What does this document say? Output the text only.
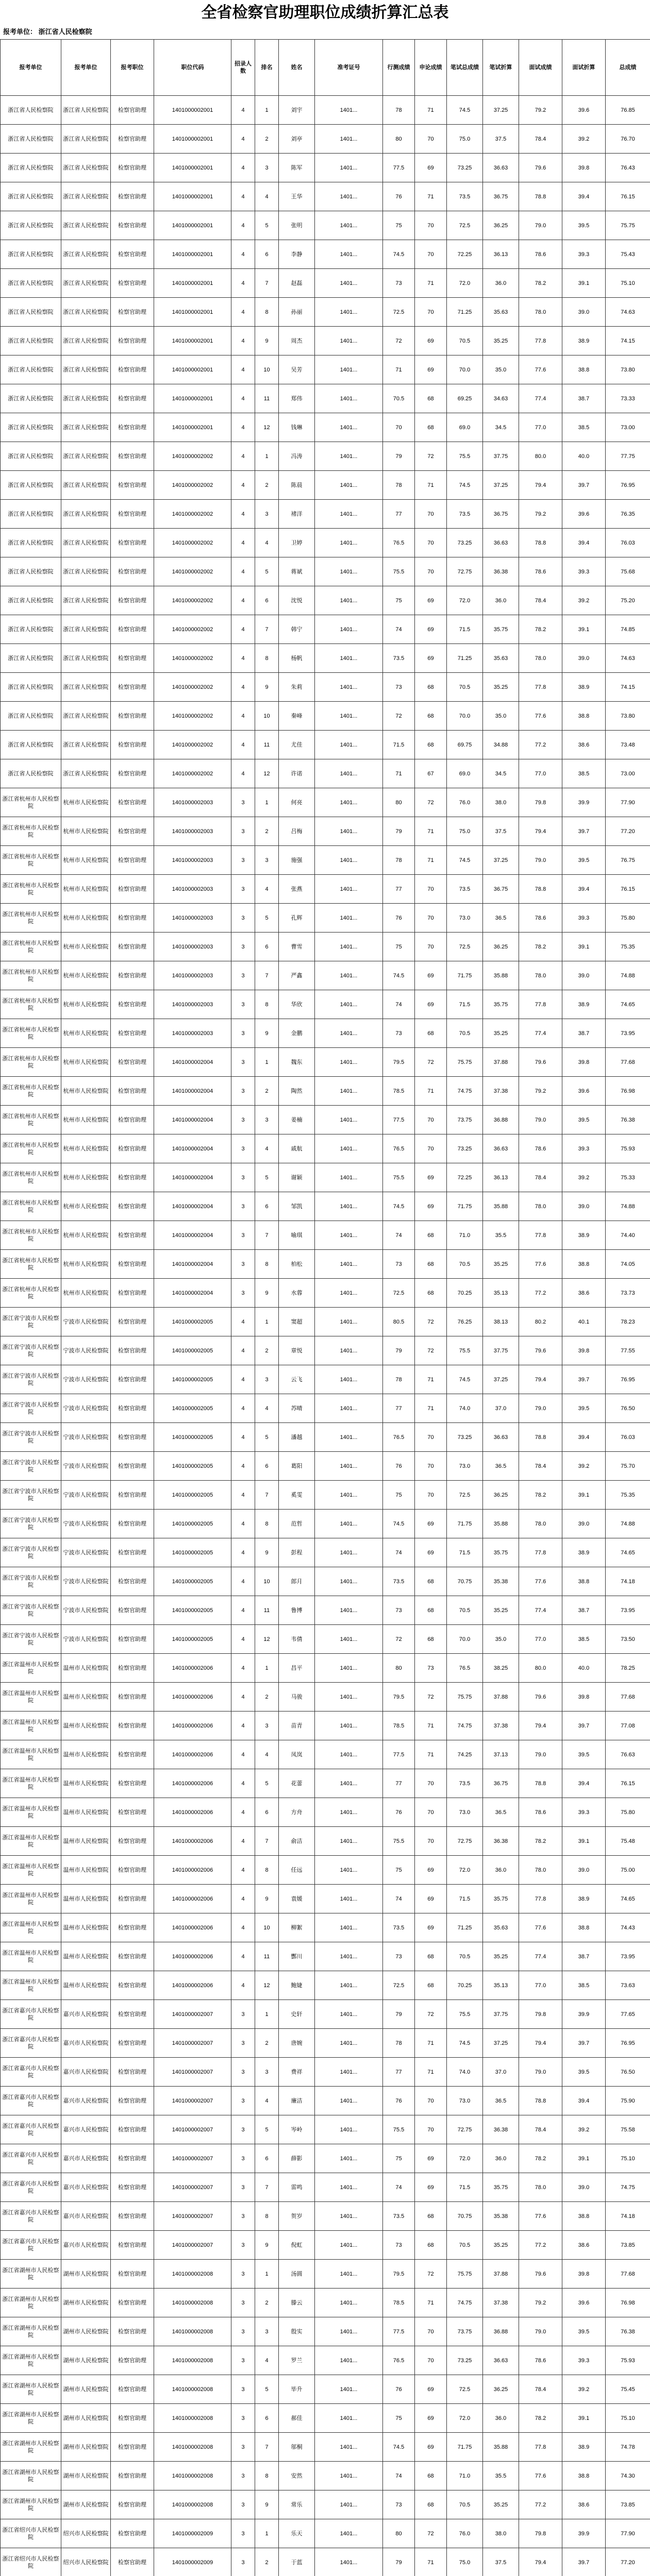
全省检察官助理职位成绩折算汇总表
报考单位： 浙江省人民检察院
报考单位	报考单位	报考职位	职位代码	招录人数	排名	姓名	准考证号	行测成绩	申论成绩	笔试总成绩	笔试折算	面试成绩	面试折算	总成绩
浙江省人民检察院	浙江省人民检察院	检察官助理	1401000002001	4	1	刘宇	1401...	78	71	74.5	37.25	79.2	39.6	76.85
浙江省人民检察院	浙江省人民检察院	检察官助理	1401000002001	4	2	刘亭	1401...	80	70	75.0	37.5	78.4	39.2	76.70
浙江省人民检察院	浙江省人民检察院	检察官助理	1401000002001	4	3	陈军	1401...	77.5	69	73.25	36.63	79.6	39.8	76.43
浙江省人民检察院	浙江省人民检察院	检察官助理	1401000002001	4	4	王华	1401...	76	71	73.5	36.75	78.8	39.4	76.15
浙江省人民检察院	浙江省人民检察院	检察官助理	1401000002001	4	5	张明	1401...	75	70	72.5	36.25	79.0	39.5	75.75
浙江省人民检察院	浙江省人民检察院	检察官助理	1401000002001	4	6	李静	1401...	74.5	70	72.25	36.13	78.6	39.3	75.43
浙江省人民检察院	浙江省人民检察院	检察官助理	1401000002001	4	7	赵磊	1401...	73	71	72.0	36.0	78.2	39.1	75.10
浙江省人民检察院	浙江省人民检察院	检察官助理	1401000002001	4	8	孙丽	1401...	72.5	70	71.25	35.63	78.0	39.0	74.63
浙江省人民检察院	浙江省人民检察院	检察官助理	1401000002001	4	9	周杰	1401...	72	69	70.5	35.25	77.8	38.9	74.15
浙江省人民检察院	浙江省人民检察院	检察官助理	1401000002001	4	10	吴芳	1401...	71	69	70.0	35.0	77.6	38.8	73.80
浙江省人民检察院	浙江省人民检察院	检察官助理	1401000002001	4	11	郑伟	1401...	70.5	68	69.25	34.63	77.4	38.7	73.33
浙江省人民检察院	浙江省人民检察院	检察官助理	1401000002001	4	12	钱琳	1401...	70	68	69.0	34.5	77.0	38.5	73.00
浙江省人民检察院	浙江省人民检察院	检察官助理	1401000002002	4	1	冯涛	1401...	79	72	75.5	37.75	80.0	40.0	77.75
浙江省人民检察院	浙江省人民检察院	检察官助理	1401000002002	4	2	陈晨	1401...	78	71	74.5	37.25	79.4	39.7	76.95
浙江省人民检察院	浙江省人民检察院	检察官助理	1401000002002	4	3	褚洋	1401...	77	70	73.5	36.75	79.2	39.6	76.35
浙江省人民检察院	浙江省人民检察院	检察官助理	1401000002002	4	4	卫婷	1401...	76.5	70	73.25	36.63	78.8	39.4	76.03
浙江省人民检察院	浙江省人民检察院	检察官助理	1401000002002	4	5	蒋斌	1401...	75.5	70	72.75	36.38	78.6	39.3	75.68
浙江省人民检察院	浙江省人民检察院	检察官助理	1401000002002	4	6	沈悦	1401...	75	69	72.0	36.0	78.4	39.2	75.20
浙江省人民检察院	浙江省人民检察院	检察官助理	1401000002002	4	7	韩宁	1401...	74	69	71.5	35.75	78.2	39.1	74.85
浙江省人民检察院	浙江省人民检察院	检察官助理	1401000002002	4	8	杨帆	1401...	73.5	69	71.25	35.63	78.0	39.0	74.63
浙江省人民检察院	浙江省人民检察院	检察官助理	1401000002002	4	9	朱莉	1401...	73	68	70.5	35.25	77.8	38.9	74.15
浙江省人民检察院	浙江省人民检察院	检察官助理	1401000002002	4	10	秦峰	1401...	72	68	70.0	35.0	77.6	38.8	73.80
浙江省人民检察院	浙江省人民检察院	检察官助理	1401000002002	4	11	尤佳	1401...	71.5	68	69.75	34.88	77.2	38.6	73.48
浙江省人民检察院	浙江省人民检察院	检察官助理	1401000002002	4	12	许诺	1401...	71	67	69.0	34.5	77.0	38.5	73.00
浙江省杭州市人民检察院	杭州市人民检察院	检察官助理	1401000002003	3	1	何亮	1401...	80	72	76.0	38.0	79.8	39.9	77.90
浙江省杭州市人民检察院	杭州市人民检察院	检察官助理	1401000002003	3	2	吕梅	1401...	79	71	75.0	37.5	79.4	39.7	77.20
浙江省杭州市人民检察院	杭州市人民检察院	检察官助理	1401000002003	3	3	施强	1401...	78	71	74.5	37.25	79.0	39.5	76.75
浙江省杭州市人民检察院	杭州市人民检察院	检察官助理	1401000002003	3	4	张燕	1401...	77	70	73.5	36.75	78.8	39.4	76.15
浙江省杭州市人民检察院	杭州市人民检察院	检察官助理	1401000002003	3	5	孔辉	1401...	76	70	73.0	36.5	78.6	39.3	75.80
浙江省杭州市人民检察院	杭州市人民检察院	检察官助理	1401000002003	3	6	曹雪	1401...	75	70	72.5	36.25	78.2	39.1	75.35
浙江省杭州市人民检察院	杭州市人民检察院	检察官助理	1401000002003	3	7	严鑫	1401...	74.5	69	71.75	35.88	78.0	39.0	74.88
浙江省杭州市人民检察院	杭州市人民检察院	检察官助理	1401000002003	3	8	华欣	1401...	74	69	71.5	35.75	77.8	38.9	74.65
浙江省杭州市人民检察院	杭州市人民检察院	检察官助理	1401000002003	3	9	金鹏	1401...	73	68	70.5	35.25	77.4	38.7	73.95
浙江省杭州市人民检察院	杭州市人民检察院	检察官助理	1401000002004	3	1	魏东	1401...	79.5	72	75.75	37.88	79.6	39.8	77.68
浙江省杭州市人民检察院	杭州市人民检察院	检察官助理	1401000002004	3	2	陶然	1401...	78.5	71	74.75	37.38	79.2	39.6	76.98
浙江省杭州市人民检察院	杭州市人民检察院	检察官助理	1401000002004	3	3	姜楠	1401...	77.5	70	73.75	36.88	79.0	39.5	76.38
浙江省杭州市人民检察院	杭州市人民检察院	检察官助理	1401000002004	3	4	戚航	1401...	76.5	70	73.25	36.63	78.6	39.3	75.93
浙江省杭州市人民检察院	杭州市人民检察院	检察官助理	1401000002004	3	5	谢颖	1401...	75.5	69	72.25	36.13	78.4	39.2	75.33
浙江省杭州市人民检察院	杭州市人民检察院	检察官助理	1401000002004	3	6	邹凯	1401...	74.5	69	71.75	35.88	78.0	39.0	74.88
浙江省杭州市人民检察院	杭州市人民检察院	检察官助理	1401000002004	3	7	喻琪	1401...	74	68	71.0	35.5	77.8	38.9	74.40
浙江省杭州市人民检察院	杭州市人民检察院	检察官助理	1401000002004	3	8	柏松	1401...	73	68	70.5	35.25	77.6	38.8	74.05
浙江省杭州市人民检察院	杭州市人民检察院	检察官助理	1401000002004	3	9	水蓉	1401...	72.5	68	70.25	35.13	77.2	38.6	73.73
浙江省宁波市人民检察院	宁波市人民检察院	检察官助理	1401000002005	4	1	窦超	1401...	80.5	72	76.25	38.13	80.2	40.1	78.23
浙江省宁波市人民检察院	宁波市人民检察院	检察官助理	1401000002005	4	2	章悦	1401...	79	72	75.5	37.75	79.6	39.8	77.55
浙江省宁波市人民检察院	宁波市人民检察院	检察官助理	1401000002005	4	3	云飞	1401...	78	71	74.5	37.25	79.4	39.7	76.95
浙江省宁波市人民检察院	宁波市人民检察院	检察官助理	1401000002005	4	4	苏晴	1401...	77	71	74.0	37.0	79.0	39.5	76.50
浙江省宁波市人民检察院	宁波市人民检察院	检察官助理	1401000002005	4	5	潘越	1401...	76.5	70	73.25	36.63	78.8	39.4	76.03
浙江省宁波市人民检察院	宁波市人民检察院	检察官助理	1401000002005	4	6	葛阳	1401...	76	70	73.0	36.5	78.4	39.2	75.70
浙江省宁波市人民检察院	宁波市人民检察院	检察官助理	1401000002005	4	7	奚雯	1401...	75	70	72.5	36.25	78.2	39.1	75.35
浙江省宁波市人民检察院	宁波市人民检察院	检察官助理	1401000002005	4	8	范哲	1401...	74.5	69	71.75	35.88	78.0	39.0	74.88
浙江省宁波市人民检察院	宁波市人民检察院	检察官助理	1401000002005	4	9	彭程	1401...	74	69	71.5	35.75	77.8	38.9	74.65
浙江省宁波市人民检察院	宁波市人民检察院	检察官助理	1401000002005	4	10	郎月	1401...	73.5	68	70.75	35.38	77.6	38.8	74.18
浙江省宁波市人民检察院	宁波市人民检察院	检察官助理	1401000002005	4	11	鲁博	1401...	73	68	70.5	35.25	77.4	38.7	73.95
浙江省宁波市人民检察院	宁波市人民检察院	检察官助理	1401000002005	4	12	韦倩	1401...	72	68	70.0	35.0	77.0	38.5	73.50
浙江省温州市人民检察院	温州市人民检察院	检察官助理	1401000002006	4	1	昌平	1401...	80	73	76.5	38.25	80.0	40.0	78.25
浙江省温州市人民检察院	温州市人民检察院	检察官助理	1401000002006	4	2	马骏	1401...	79.5	72	75.75	37.88	79.6	39.8	77.68
浙江省温州市人民检察院	温州市人民检察院	检察官助理	1401000002006	4	3	苗青	1401...	78.5	71	74.75	37.38	79.4	39.7	77.08
浙江省温州市人民检察院	温州市人民检察院	检察官助理	1401000002006	4	4	凤岚	1401...	77.5	71	74.25	37.13	79.0	39.5	76.63
浙江省温州市人民检察院	温州市人民检察院	检察官助理	1401000002006	4	5	花蕾	1401...	77	70	73.5	36.75	78.8	39.4	76.15
浙江省温州市人民检察院	温州市人民检察院	检察官助理	1401000002006	4	6	方舟	1401...	76	70	73.0	36.5	78.6	39.3	75.80
浙江省温州市人民检察院	温州市人民检察院	检察官助理	1401000002006	4	7	俞洁	1401...	75.5	70	72.75	36.38	78.2	39.1	75.48
浙江省温州市人民检察院	温州市人民检察院	检察官助理	1401000002006	4	8	任远	1401...	75	69	72.0	36.0	78.0	39.0	75.00
浙江省温州市人民检察院	温州市人民检察院	检察官助理	1401000002006	4	9	袁媛	1401...	74	69	71.5	35.75	77.8	38.9	74.65
浙江省温州市人民检察院	温州市人民检察院	检察官助理	1401000002006	4	10	柳絮	1401...	73.5	69	71.25	35.63	77.6	38.8	74.43
浙江省温州市人民检察院	温州市人民检察院	检察官助理	1401000002006	4	11	酆川	1401...	73	68	70.5	35.25	77.4	38.7	73.95
浙江省温州市人民检察院	温州市人民检察院	检察官助理	1401000002006	4	12	鲍婕	1401...	72.5	68	70.25	35.13	77.0	38.5	73.63
浙江省嘉兴市人民检察院	嘉兴市人民检察院	检察官助理	1401000002007	3	1	史轩	1401...	79	72	75.5	37.75	79.8	39.9	77.65
浙江省嘉兴市人民检察院	嘉兴市人民检察院	检察官助理	1401000002007	3	2	唐婉	1401...	78	71	74.5	37.25	79.4	39.7	76.95
浙江省嘉兴市人民检察院	嘉兴市人民检察院	检察官助理	1401000002007	3	3	费祥	1401...	77	71	74.0	37.0	79.0	39.5	76.50
浙江省嘉兴市人民检察院	嘉兴市人民检察院	检察官助理	1401000002007	3	4	廉洁	1401...	76	70	73.0	36.5	78.8	39.4	75.90
浙江省嘉兴市人民检察院	嘉兴市人民检察院	检察官助理	1401000002007	3	5	岑岭	1401...	75.5	70	72.75	36.38	78.4	39.2	75.58
浙江省嘉兴市人民检察院	嘉兴市人民检察院	检察官助理	1401000002007	3	6	薛影	1401...	75	69	72.0	36.0	78.2	39.1	75.10
浙江省嘉兴市人民检察院	嘉兴市人民检察院	检察官助理	1401000002007	3	7	雷鸣	1401...	74	69	71.5	35.75	78.0	39.0	74.75
浙江省嘉兴市人民检察院	嘉兴市人民检察院	检察官助理	1401000002007	3	8	贺岁	1401...	73.5	68	70.75	35.38	77.6	38.8	74.18
浙江省嘉兴市人民检察院	嘉兴市人民检察院	检察官助理	1401000002007	3	9	倪虹	1401...	73	68	70.5	35.25	77.2	38.6	73.85
浙江省湖州市人民检察院	湖州市人民检察院	检察官助理	1401000002008	3	1	汤圆	1401...	79.5	72	75.75	37.88	79.6	39.8	77.68
浙江省湖州市人民检察院	湖州市人民检察院	检察官助理	1401000002008	3	2	滕云	1401...	78.5	71	74.75	37.38	79.2	39.6	76.98
浙江省湖州市人民检察院	湖州市人民检察院	检察官助理	1401000002008	3	3	殷实	1401...	77.5	70	73.75	36.88	79.0	39.5	76.38
浙江省湖州市人民检察院	湖州市人民检察院	检察官助理	1401000002008	3	4	罗兰	1401...	76.5	70	73.25	36.63	78.6	39.3	75.93
浙江省湖州市人民检察院	湖州市人民检察院	检察官助理	1401000002008	3	5	毕升	1401...	76	69	72.5	36.25	78.4	39.2	75.45
浙江省湖州市人民检察院	湖州市人民检察院	检察官助理	1401000002008	3	6	郝佳	1401...	75	69	72.0	36.0	78.2	39.1	75.10
浙江省湖州市人民检察院	湖州市人民检察院	检察官助理	1401000002008	3	7	邬桐	1401...	74.5	69	71.75	35.88	77.8	38.9	74.78
浙江省湖州市人民检察院	湖州市人民检察院	检察官助理	1401000002008	3	8	安然	1401...	74	68	71.0	35.5	77.6	38.8	74.30
浙江省湖州市人民检察院	湖州市人民检察院	检察官助理	1401000002008	3	9	常乐	1401...	73	68	70.5	35.25	77.2	38.6	73.85
浙江省绍兴市人民检察院	绍兴市人民检察院	检察官助理	1401000002009	3	1	乐天	1401...	80	72	76.0	38.0	79.8	39.9	77.90
浙江省绍兴市人民检察院	绍兴市人民检察院	检察官助理	1401000002009	3	2	于蓝	1401...	79	71	75.0	37.5	79.4	39.7	77.20
